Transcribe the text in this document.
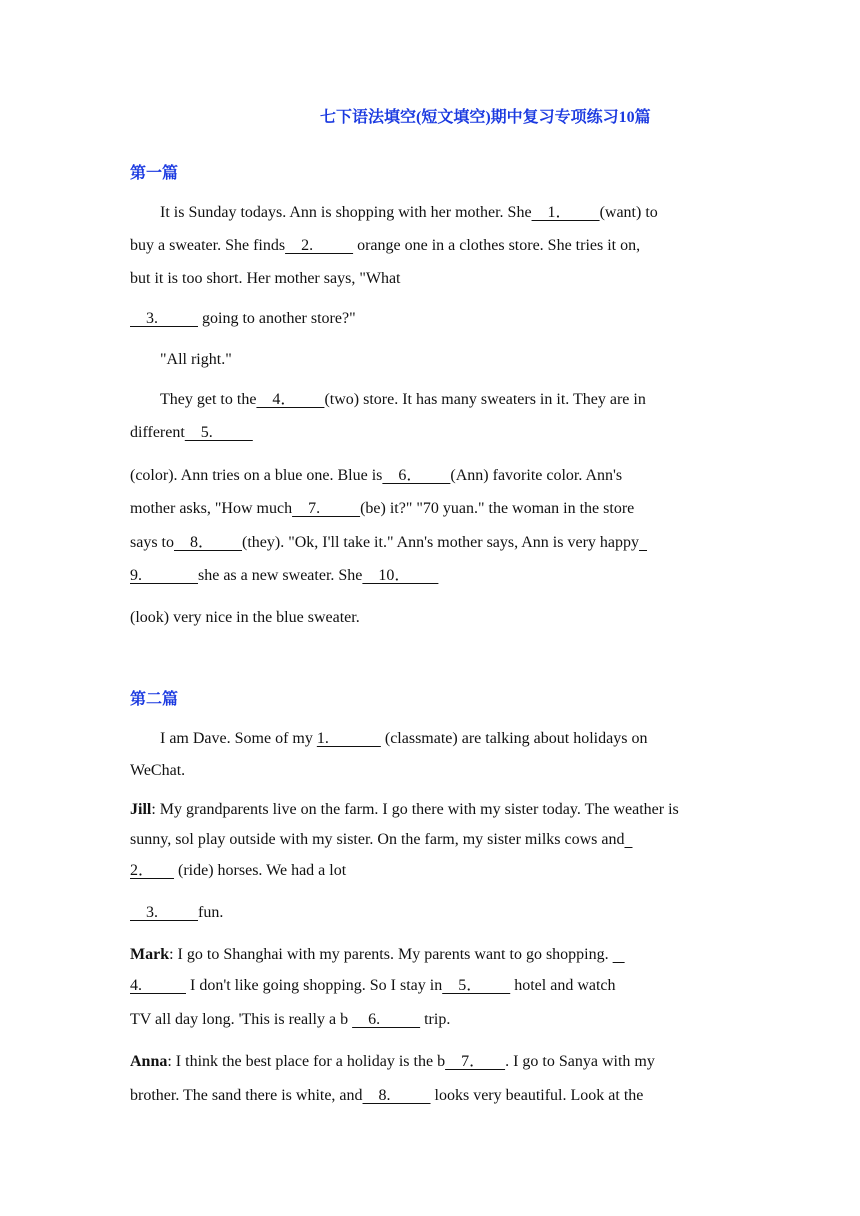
七下语法填空(短文填空)期中复习专项练习10篇
第一篇
It is Sunday todays. Ann is shopping with her mother. She    1．       (want) to
buy a sweater. She finds    2.           orange one in a clothes store. She tries it on,
but it is too short. Her mother says, "What
3.           going to another store?"
"All right."
They get to the    4．       (two) store. It has many sweaters in it. They are in
different    5.
(color). Ann tries on a blue one. Blue is    6．       (Ann) favorite color. Ann's
mother asks, "How much    7.          (be) it?" "70 yuan." the woman in the store
says to    8．       (they). "Ok, I'll take it." Ann's mother says, Ann is very happy
9.              she as a new sweater. She    10．
(look) very nice in the blue sweater.
第二篇
I am Dave. Some of my 1.              (classmate) are talking about holidays on
WeChat.
Jill: My grandparents live on the farm. I go there with my sister today. The weather is
sunny, sol play outside with my sister. On the farm, my sister milks cows and
2．      (ride) horses. We had a lot
3.          fun.
Mark: I go to Shanghai with my parents. My parents want to go shopping.
4.            I don't like going shopping. So I stay in    5．        hotel and watch
TV all day long. 'This is really a b     6.           trip.
Anna: I think the best place for a holiday is the b    7．     . I go to Sanya with my
brother. The sand there is white, and    8.           looks very beautiful. Look at the
